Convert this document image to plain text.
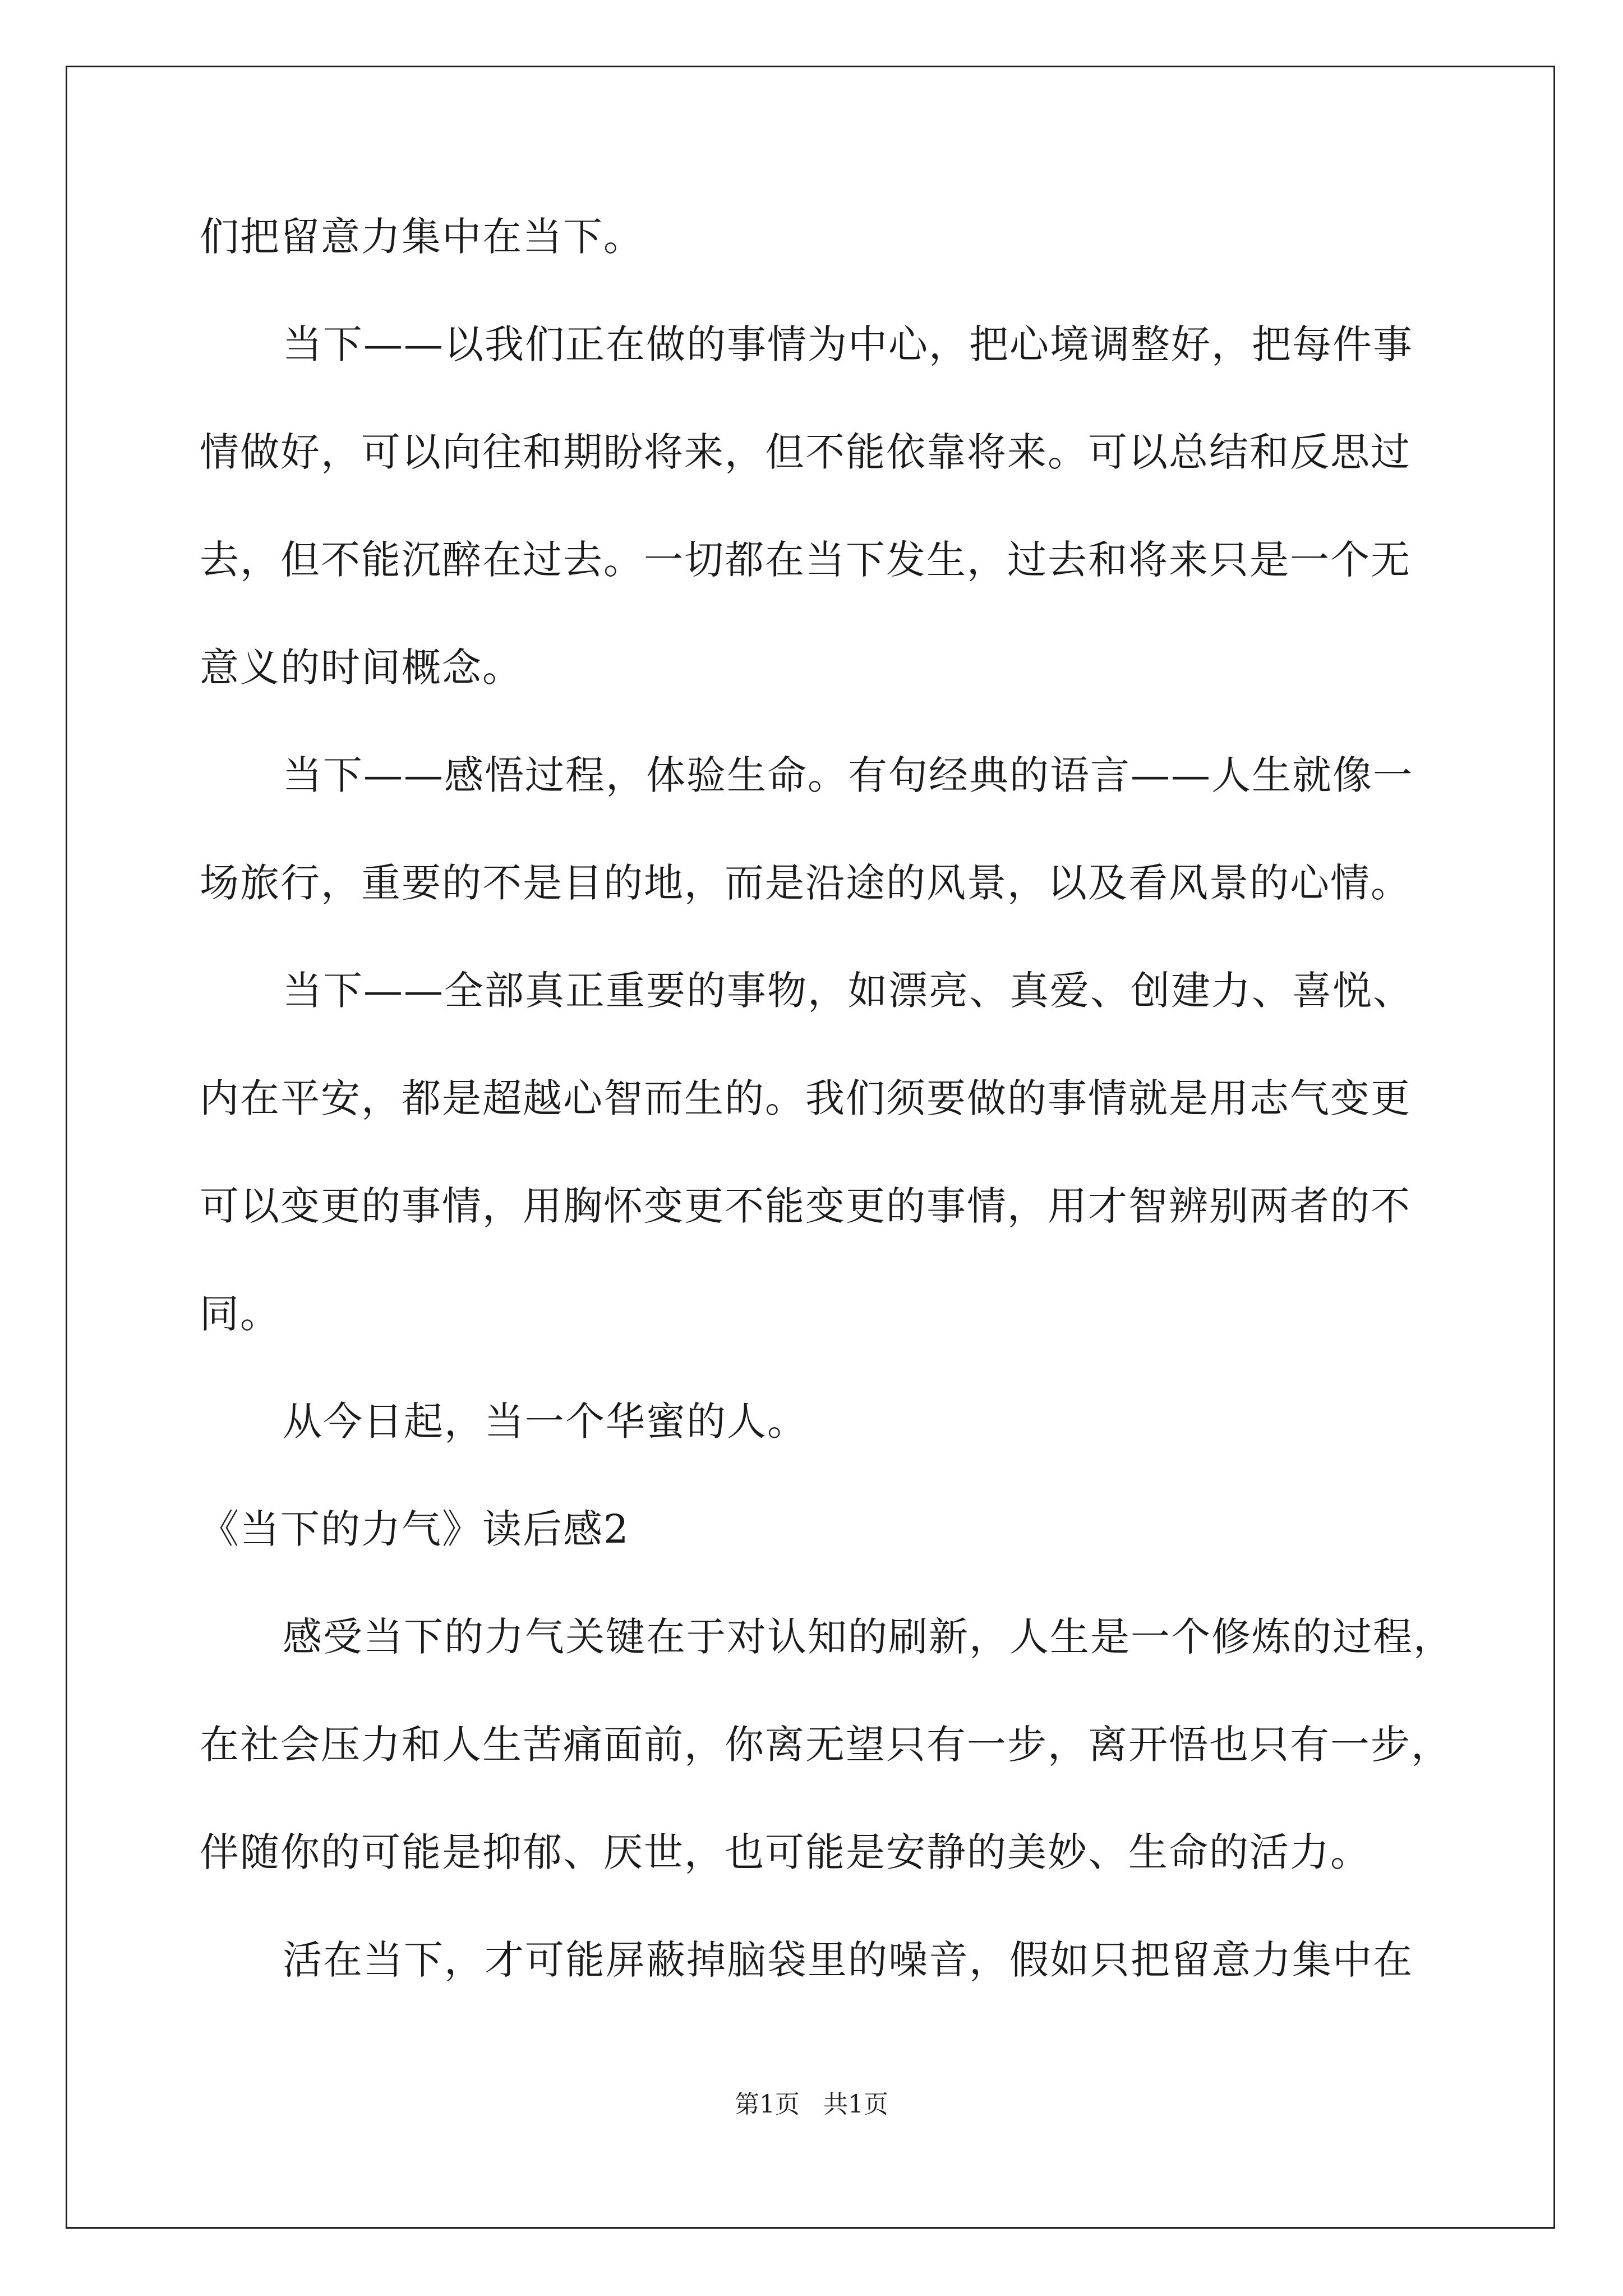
们把留意力集中在当下。
当下——以我们正在做的事情为中心，把心境调整好，把每件事
情做好，可以向往和期盼将来，但不能依靠将来。可以总结和反思过
去，但不能沉醉在过去。一切都在当下发生，过去和将来只是一个无
意义的时间概念。
当下——感悟过程，体验生命。有句经典的语言——人生就像一
场旅行，重要的不是目的地，而是沿途的风景，以及看风景的心情。
当下——全部真正重要的事物，如漂亮、真爱、创建力、喜悦、
内在平安，都是超越心智而生的。我们须要做的事情就是用志气变更
可以变更的事情，用胸怀变更不能变更的事情，用才智辨别两者的不
同。
从今日起，当一个华蜜的人。
《当下的力气》读后感2
感受当下的力气关键在于对认知的刷新，人生是一个修炼的过程，
在社会压力和人生苦痛面前，你离无望只有一步，离开悟也只有一步，
伴随你的可能是抑郁、厌世，也可能是安静的美妙、生命的活力。
活在当下，才可能屏蔽掉脑袋里的噪音，假如只把留意力集中在
第1页   共1页
